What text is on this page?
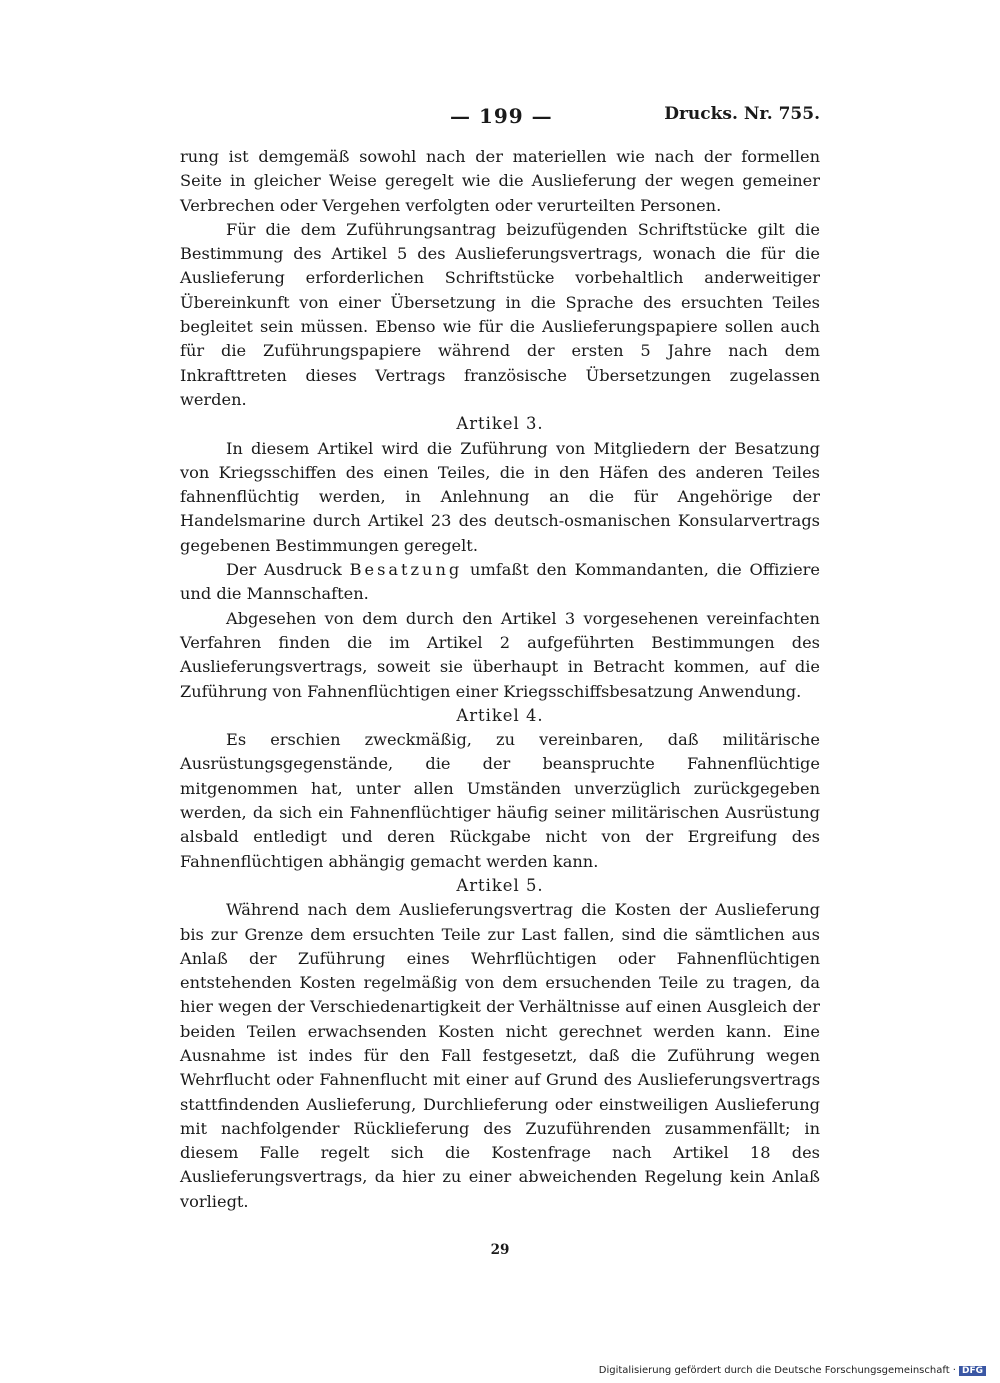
— 199 —	Drucks. Nr. 755.

rung ist demgemäß sowohl nach der materiellen wie nach der formellen Seite in gleicher Weise geregelt wie die Auslieferung der wegen gemeiner Verbrechen oder Vergehen verfolgten oder verurteilten Personen.

Für die dem Zuführungsantrag beizufügenden Schriftstücke gilt die Bestimmung des Artikel 5 des Auslieferungsvertrags, wonach die für die Auslieferung erforderlichen Schriftstücke vorbehaltlich anderweitiger Übereinkunft von einer Übersetzung in die Sprache des ersuchten Teiles begleitet sein müssen. Ebenso wie für die Auslieferungspapiere sollen auch für die Zuführungspapiere während der ersten 5 Jahre nach dem Inkrafttreten dieses Vertrags französische Übersetzungen zugelassen werden.

Artikel 3.

In diesem Artikel wird die Zuführung von Mitgliedern der Besatzung von Kriegsschiffen des einen Teiles, die in den Häfen des anderen Teiles fahnenflüchtig werden, in Anlehnung an die für Angehörige der Handelsmarine durch Artikel 23 des deutsch-osmanischen Konsularvertrags gegebenen Bestimmungen geregelt.

Der Ausdruck Besatzung umfaßt den Kommandanten, die Offiziere und die Mannschaften.

Abgesehen von dem durch den Artikel 3 vorgesehenen vereinfachten Verfahren finden die im Artikel 2 aufgeführten Bestimmungen des Auslieferungsvertrags, soweit sie überhaupt in Betracht kommen, auf die Zuführung von Fahnenflüchtigen einer Kriegsschiffsbesatzung Anwendung.

Artikel 4.

Es erschien zweckmäßig, zu vereinbaren, daß militärische Ausrüstungsgegenstände, die der beanspruchte Fahnenflüchtige mitgenommen hat, unter allen Umständen unverzüglich zurückgegeben werden, da sich ein Fahnenflüchtiger häufig seiner militärischen Ausrüstung alsbald entledigt und deren Rückgabe nicht von der Ergreifung des Fahnenflüchtigen abhängig gemacht werden kann.

Artikel 5.

Während nach dem Auslieferungsvertrag die Kosten der Auslieferung bis zur Grenze dem ersuchten Teile zur Last fallen, sind die sämtlichen aus Anlaß der Zuführung eines Wehrflüchtigen oder Fahnenflüchtigen entstehenden Kosten regelmäßig von dem ersuchenden Teile zu tragen, da hier wegen der Verschiedenartigkeit der Verhältnisse auf einen Ausgleich der beiden Teilen erwachsenden Kosten nicht gerechnet werden kann. Eine Ausnahme ist indes für den Fall festgesetzt, daß die Zuführung wegen Wehrflucht oder Fahnenflucht mit einer auf Grund des Auslieferungsvertrags stattfindenden Auslieferung, Durchlieferung oder einstweiligen Auslieferung mit nachfolgender Rücklieferung des Zuzuführenden zusammenfällt; in diesem Falle regelt sich die Kostenfrage nach Artikel 18 des Auslieferungsvertrags, da hier zu einer abweichenden Regelung kein Anlaß vorliegt.

29
Digitalisierung gefördert durch die Deutsche Forschungsgemeinschaft · DFG
